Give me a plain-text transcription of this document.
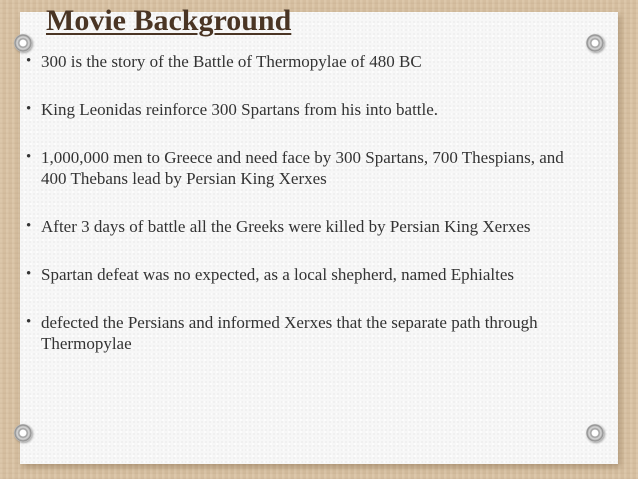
Movie Background
• 300 is the story of the Battle of Thermopylae of 480 BC
• King Leonidas reinforce 300 Spartans from his into battle.
• 1,000,000 men to Greece and need face by 300 Spartans, 700 Thespians, and 400 Thebans lead by Persian King Xerxes
• After 3 days of battle all the Greeks were killed by Persian King Xerxes
• Spartan defeat was no expected, as a local shepherd, named Ephialtes
• defected the Persians and informed Xerxes that the separate path through Thermopylae
